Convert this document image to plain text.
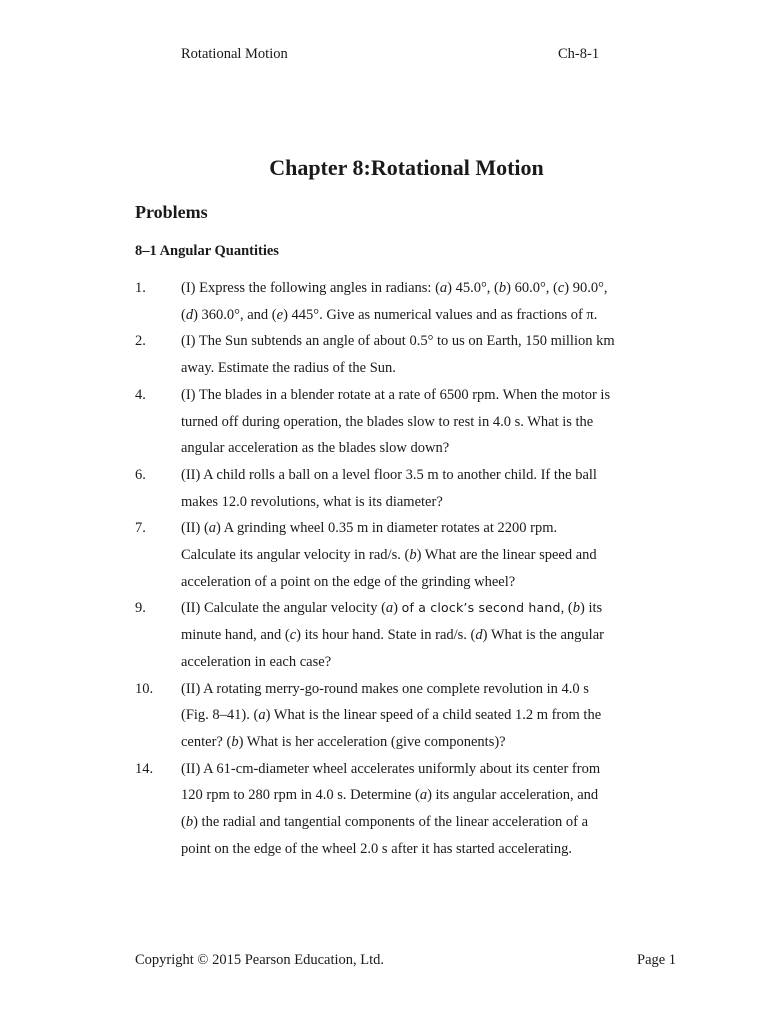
Rotational Motion	Ch-8-1
Chapter 8:Rotational Motion
Problems
8–1 Angular Quantities
1.	(I) Express the following angles in radians: (a) 45.0°, (b) 60.0°, (c) 90.0°,
(d) 360.0°, and (e) 445°. Give as numerical values and as fractions of π.
2.	(I) The Sun subtends an angle of about 0.5° to us on Earth, 150 million km
away. Estimate the radius of the Sun.
4.	(I) The blades in a blender rotate at a rate of 6500 rpm. When the motor is
turned off during operation, the blades slow to rest in 4.0 s. What is the
angular acceleration as the blades slow down?
6.	(II) A child rolls a ball on a level floor 3.5 m to another child. If the ball
makes 12.0 revolutions, what is its diameter?
7.	(II) (a) A grinding wheel 0.35 m in diameter rotates at 2200 rpm.
Calculate its angular velocity in rad/s. (b) What are the linear speed and
acceleration of a point on the edge of the grinding wheel?
9.	(II) Calculate the angular velocity (a) of a clock’s second hand, (b) its
minute hand, and (c) its hour hand. State in rad/s. (d) What is the angular
acceleration in each case?
10.	(II) A rotating merry-go-round makes one complete revolution in 4.0 s
(Fig. 8–41). (a) What is the linear speed of a child seated 1.2 m from the
center? (b) What is her acceleration (give components)?
14.	(II) A 61-cm-diameter wheel accelerates uniformly about its center from
120 rpm to 280 rpm in 4.0 s. Determine (a) its angular acceleration, and
(b) the radial and tangential components of the linear acceleration of a
point on the edge of the wheel 2.0 s after it has started accelerating.
Copyright © 2015 Pearson Education, Ltd.	Page 1
